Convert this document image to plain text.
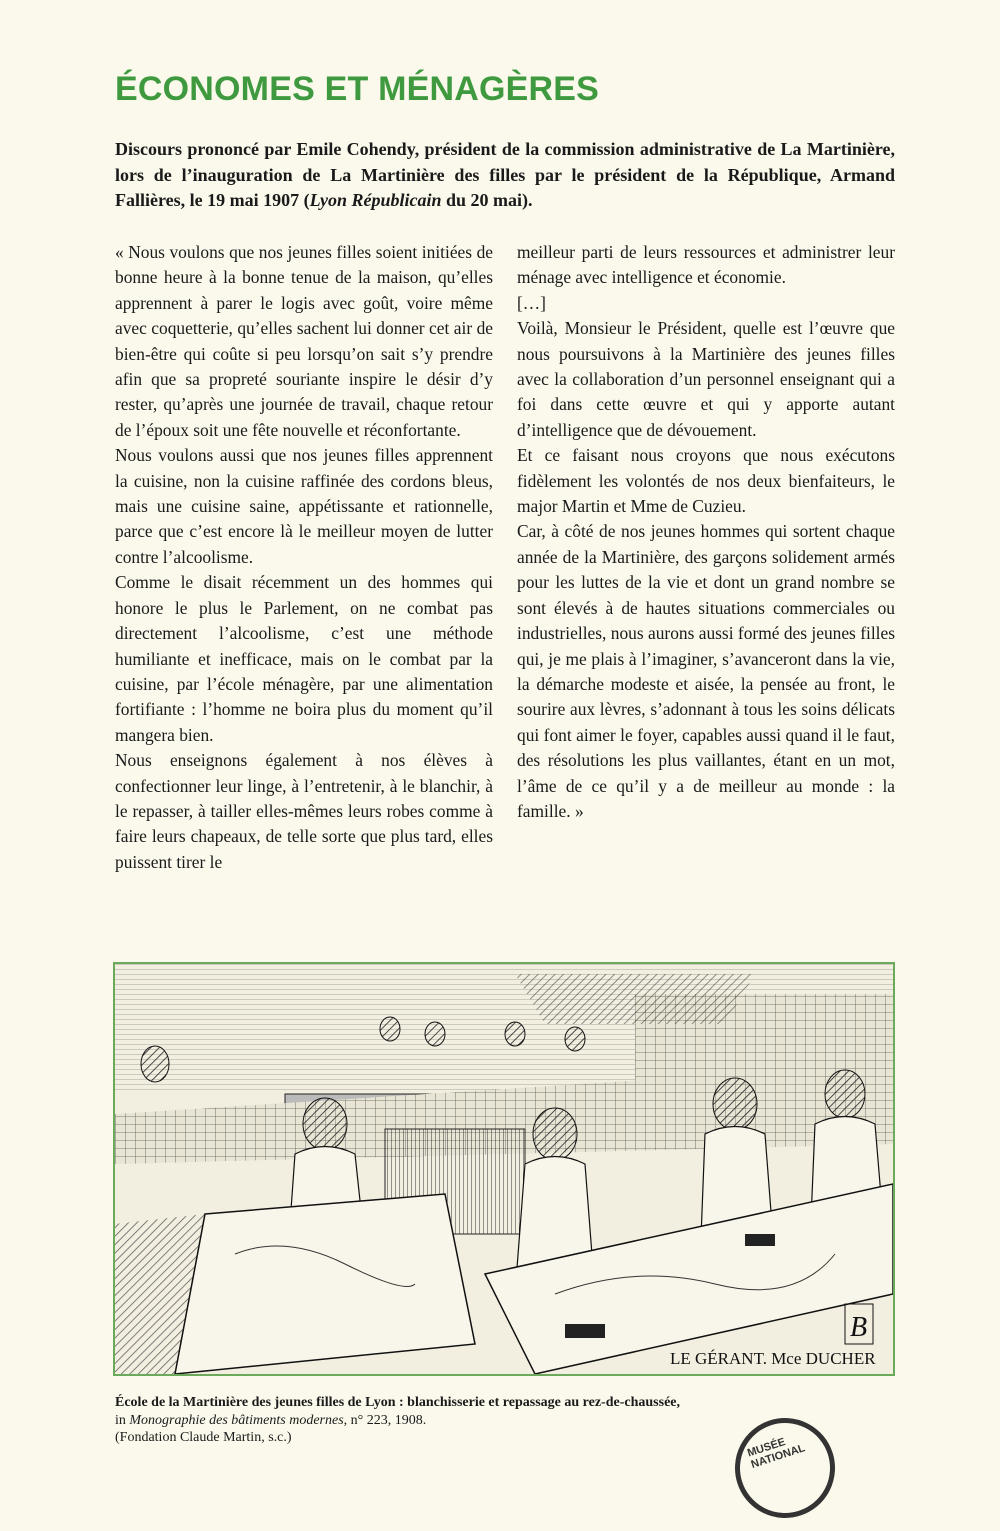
ÉCONOMES ET MÉNAGÈRES

Discours prononcé par Emile Cohendy, président de la commission administrative de La Martinière, lors de l’inauguration de La Martinière des filles par le président de la République, Armand Fallières, le 19 mai 1907 (Lyon Républicain du 20 mai).

« Nous voulons que nos jeunes filles soient initiées de bonne heure à la bonne tenue de la maison, qu’elles apprennent à parer le logis avec goût, voire même avec coquetterie, qu’elles sachent lui donner cet air de bien-être qui coûte si peu lorsqu’on sait s’y prendre afin que sa propreté souriante inspire le désir d’y rester, qu’après une journée de travail, chaque retour de l’époux soit une fête nouvelle et réconfortante.

Nous voulons aussi que nos jeunes filles apprennent la cuisine, non la cuisine raffinée des cordons bleus, mais une cuisine saine, appétissante et rationnelle, parce que c’est encore là le meilleur moyen de lutter contre l’alcoolisme.

Comme le disait récemment un des hommes qui honore le plus le Parlement, on ne combat pas directement l’alcoolisme, c’est une méthode humiliante et inefficace, mais on le combat par la cuisine, par l’école ménagère, par une alimentation fortifiante : l’homme ne boira plus du moment qu’il mangera bien.

Nous enseignons également à nos élèves à confectionner leur linge, à l’entretenir, à le blanchir, à le repasser, à tailler elles-mêmes leurs robes comme à faire leurs chapeaux, de telle sorte que plus tard, elles puissent tirer le

meilleur parti de leurs ressources et administrer leur ménage avec intelligence et économie.

[…]

Voilà, Monsieur le Président, quelle est l’œuvre que nous poursuivons à la Martinière des jeunes filles avec la collaboration d’un personnel enseignant qui a foi dans cette œuvre et qui y apporte autant d’intelligence que de dévouement.

Et ce faisant nous croyons que nous exécutons fidèlement les volontés de nos deux bienfaiteurs, le major Martin et Mme de Cuzieu.

Car, à côté de nos jeunes hommes qui sortent chaque année de la Martinière, des garçons solidement armés pour les luttes de la vie et dont un grand nombre se sont élevés à de hautes situations commerciales ou industrielles, nous aurons aussi formé des jeunes filles qui, je me plais à l’imaginer, s’avanceront dans la vie, la démarche modeste et aisée, la pensée au front, le sourire aux lèvres, s’adonnant à tous les soins délicats qui font aimer le foyer, capables aussi quand il le faut, des résolutions les plus vaillantes, étant en un mot, l’âme de ce qu’il y a de meilleur au monde : la famille. »

B
LE GÉRANT. Mce DUCHER
École de la Martinière des jeunes filles de Lyon : blanchisserie et repassage au rez-de-chaussée,
in Monographie des bâtiments modernes, n° 223, 1908.
(Fondation Claude Martin, s.c.)	MUSÉE NATIONAL
